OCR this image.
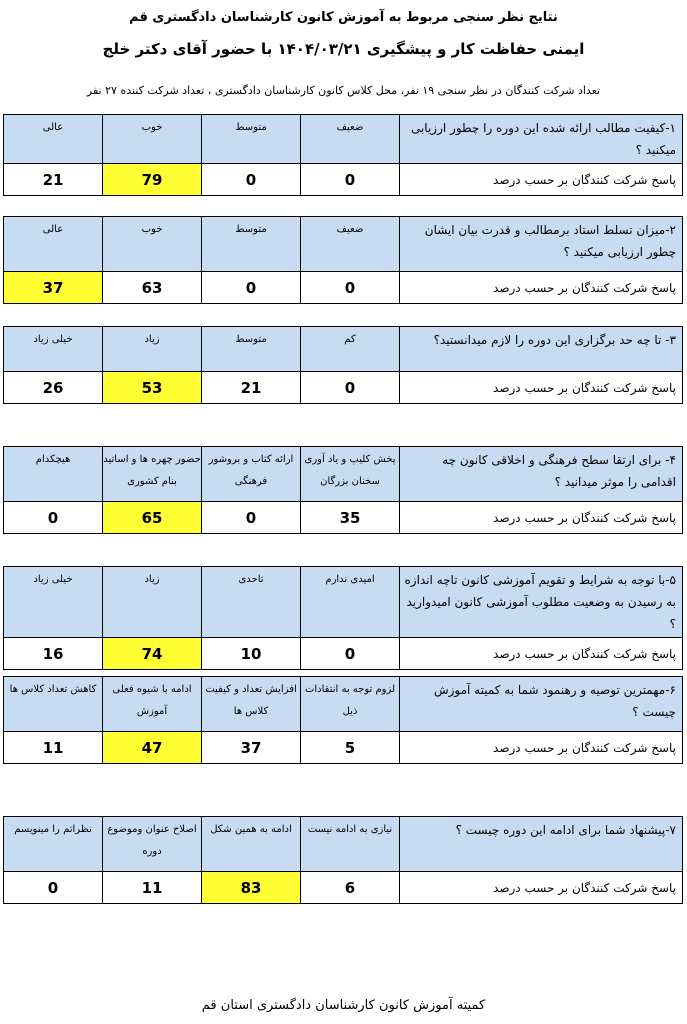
نتایج نظر سنجی مربوط به آموزش کانون کارشناسان دادگستری قم
ایمنی حفاظت کار و پیشگیری ۱۴۰۴/۰۳/۲۱ با حضور آقای دکتر خلج
تعداد شرکت کنندگان در نظر سنجی ۱۹ نفر، محل کلاس کانون کارشناسان دادگستری ، تعداد شرکت کننده ۲۷ نفر
۱-کیفیت مطالب ارائه شده این دوره را چطور ارزیابی میکنید ؟	ضعیف	متوسط	خوب	عالی
پاسخ شرکت کنندگان بر حسب درصد	0	0	79	21
۲-میزان تسلط استاد برمطالب و قدرت بیان ایشان چطور ارزیابی میکنید ؟	ضعیف	متوسط	خوب	عالی
پاسخ شرکت کنندگان بر حسب درصد	0	0	63	37
۳- تا چه حد برگزاری این دوره را لازم میدانستید؟	کم	متوسط	زیاد	خیلی زیاد
پاسخ شرکت کنندگان بر حسب درصد	0	21	53	26
۴- برای ارتقا سطح فرهنگی و اخلاقی کانون چه اقدامی را موثر میدانید ؟	پخش کلیپ و یاد آوری سخنان بزرگان	ارائه کتاب و بروشور فرهنگی	حضور چهره ها و اساتید بنام کشوری	هیچکدام
پاسخ شرکت کنندگان بر حسب درصد	35	0	65	0
۵-با توجه به شرایط و تقویم آموزشی کانون تاچه اندازه به رسیدن به وضعیت مطلوب آموزشی کانون امیدوارید ؟	امیدی ندارم	تاحدی	زیاد	خیلی زیاد
پاسخ شرکت کنندگان بر حسب درصد	0	10	74	16
۶-مهمترین توصیه و رهنمود شما به کمیته آموزش چیست ؟	لزوم توجه به انتقادات ذیل	افزایش تعداد و کیفیت کلاس ها	ادامه با شیوه فعلی آموزش	کاهش تعداد کلاس ها
پاسخ شرکت کنندگان بر حسب درصد	5	37	47	11
۷-پیشنهاد شما برای ادامه این دوره چیست ؟	نیازی به ادامه نیست	ادامه به همین شکل	اصلاح عنوان وموضوع دوره	نظراتم را مینویسم
پاسخ شرکت کنندگان بر حسب درصد	6	83	11	0
کمیته آموزش کانون کارشناسان دادگستری استان قم
